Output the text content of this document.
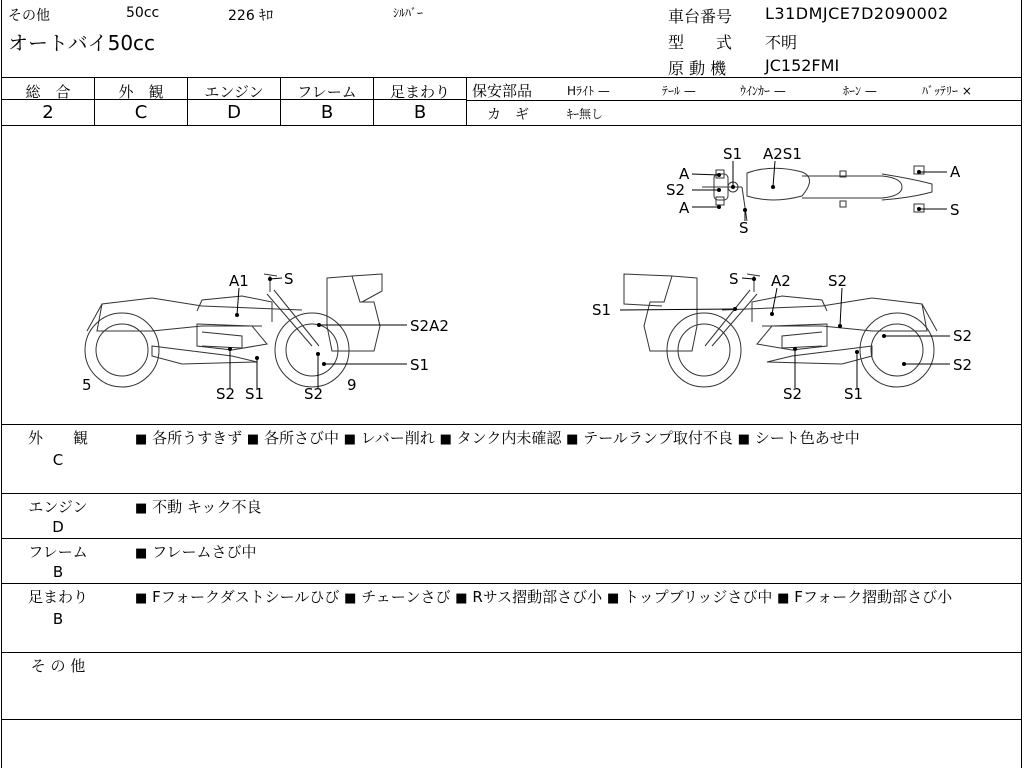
その他	50cc	226 ｷﾛ	ｼﾙﾊﾞｰ
オートバイ50cc
車台番号 L31DMJCE7D2090002
型　　式 不明
原 動 機 JC152FMI
総　合
2
外　観
C
エンジン
D
フレーム
B
足まわり
B
保安部品	Hﾗｲﾄ —	ﾃｰﾙ —	ｳｲﾝｶｰ —	ﾎｰﾝ —	ﾊﾞｯﾃﾘｰ ×
カ　ギ	ｷｰ無し
S1 A2S1
A
S2
A
S
A
S
A1 S
S2A2
S1
5	S2 S1	S2 9
S A2 S2
S1
S2
S2
S2	S1
外　　観
C
■ 各所うすきず ■ 各所さび中 ■ レバー削れ ■ タンク内未確認 ■ テールランプ取付不良 ■ シート色あせ中
エンジン
D
■ 不動 キック不良
フレーム
B
■ フレームさび中
足まわり
B
■ Fフォークダストシールひび ■ チェーンさび ■ Rサス摺動部さび小 ■ トップブリッジさび中 ■ Fフォーク摺動部さび小
そ の 他
